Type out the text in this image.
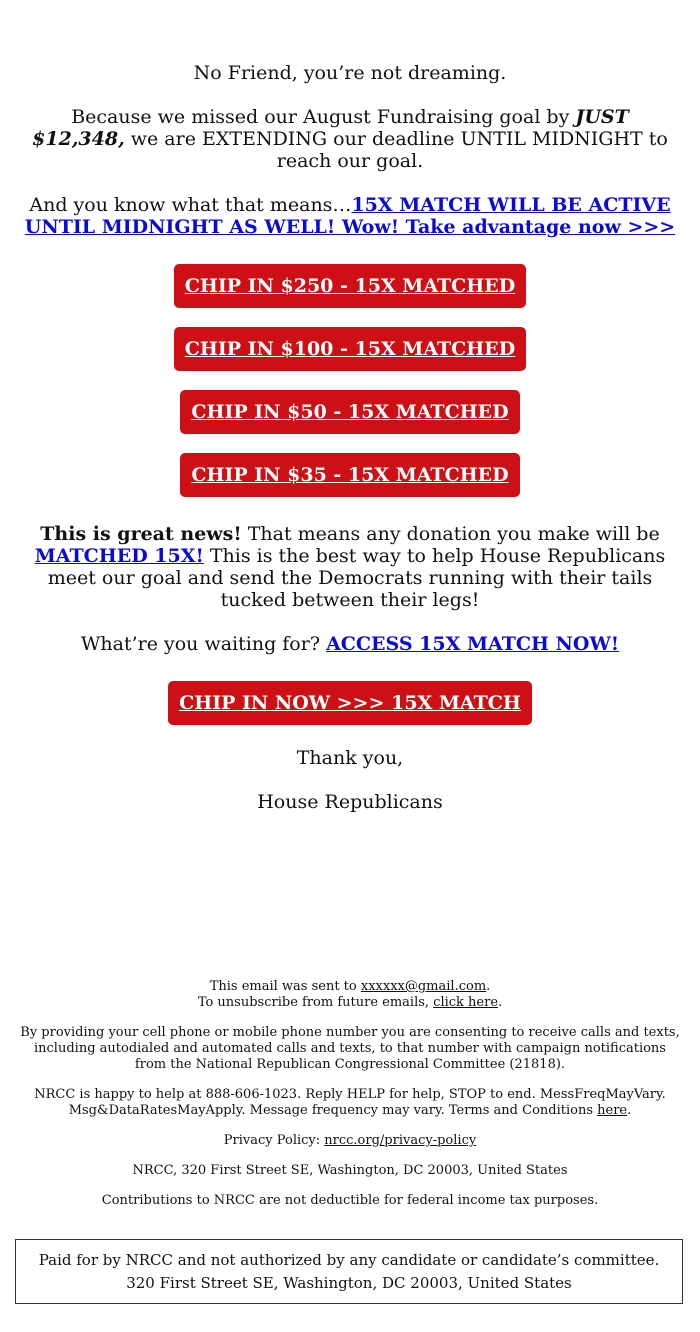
No Friend, you’re not dreaming.

Because we missed our August Fundraising goal by JUST $12,348, we are EXTENDING our deadline UNTIL MIDNIGHT to reach our goal.

And you know what that means…15X MATCH WILL BE ACTIVE UNTIL MIDNIGHT AS WELL! Wow! Take advantage now >>>

CHIP IN $250 - 15X MATCHED
CHIP IN $100 - 15X MATCHED
CHIP IN $50 - 15X MATCHED
CHIP IN $35 - 15X MATCHED

This is great news! That means any donation you make will be MATCHED 15X! This is the best way to help House Republicans meet our goal and send the Democrats running with their tails tucked between their legs!

What’re you waiting for? ACCESS 15X MATCH NOW!

CHIP IN NOW >>> 15X MATCH

Thank you,

House Republicans

This email was sent to xxxxxx@gmail.com.

To unsubscribe from future emails, click here.

By providing your cell phone or mobile phone number you are consenting to receive calls and texts, including autodialed and automated calls and texts, to that number with campaign notifications from the National Republican Congressional Committee (21818).

NRCC is happy to help at 888-606-1023. Reply HELP for help, STOP to end. MessFreqMayVary. Msg&DataRatesMayApply. Message frequency may vary. Terms and Conditions here.

Privacy Policy: nrcc.org/privacy-policy

NRCC, 320 First Street SE, Washington, DC 20003, United States

Contributions to NRCC are not deductible for federal income tax purposes.

Paid for by NRCC and not authorized by any candidate or candidate’s committee. 320 First Street SE, Washington, DC 20003, United States
